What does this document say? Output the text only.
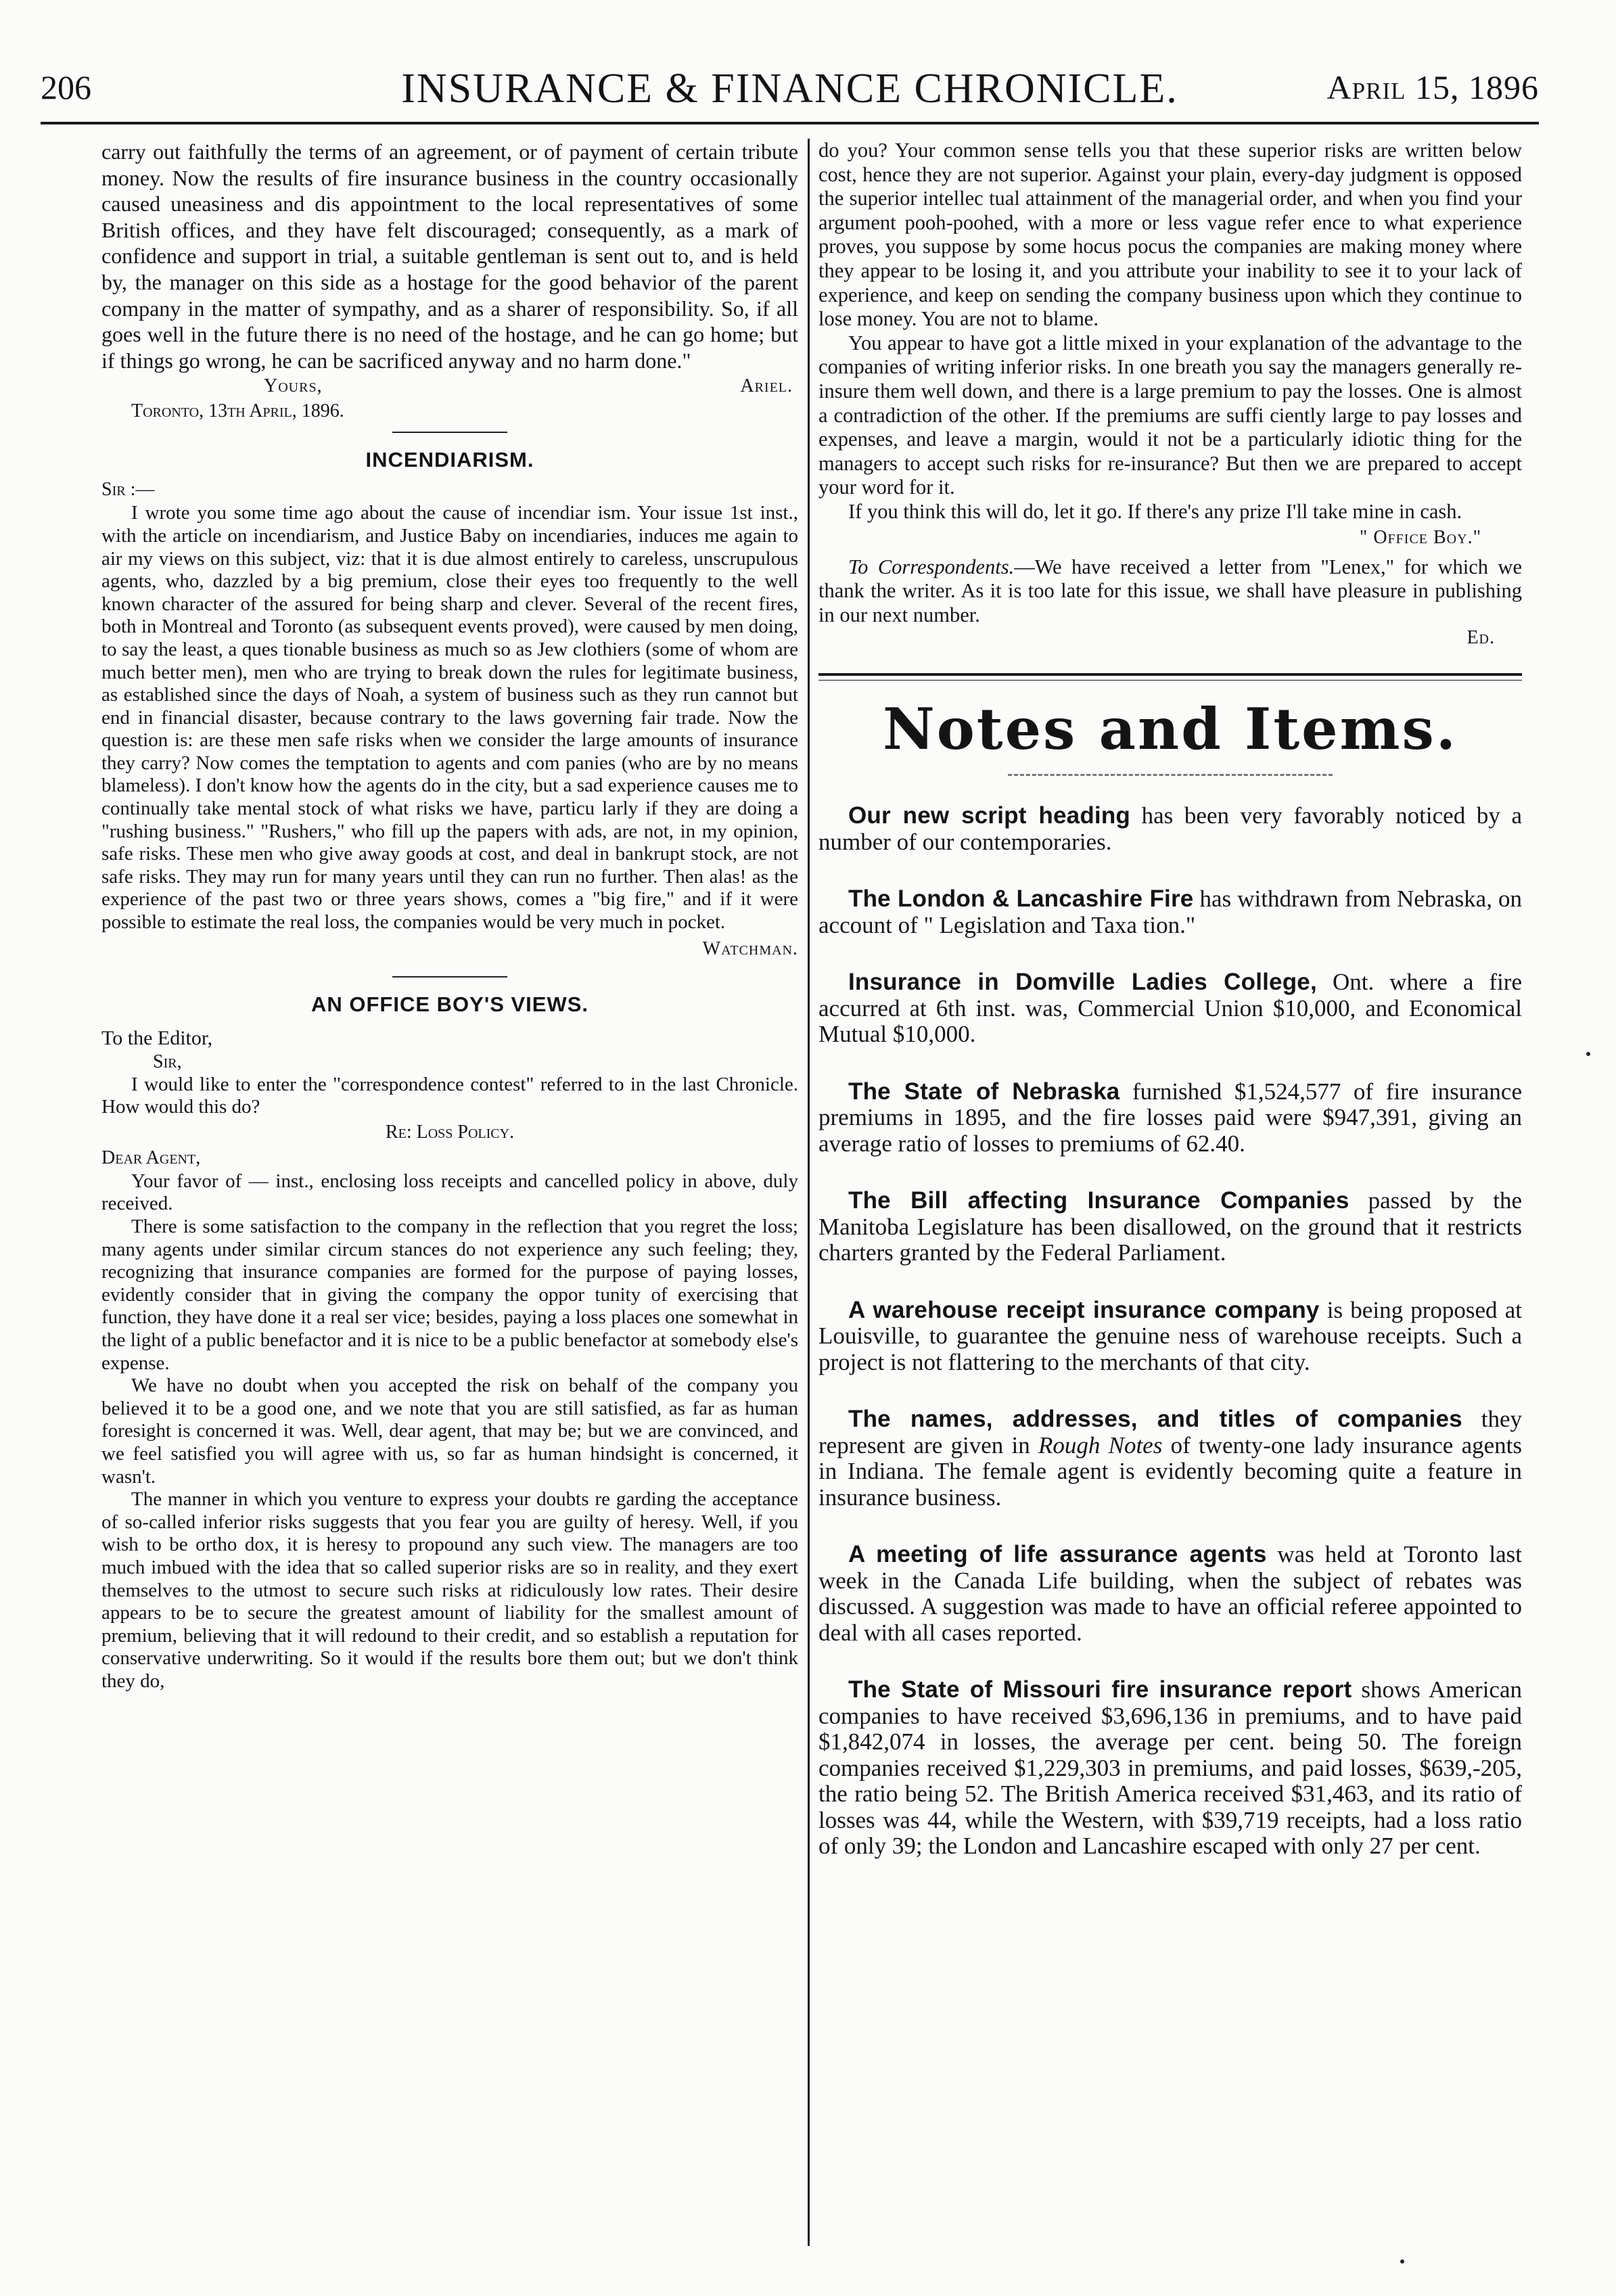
206	INSURANCE & FINANCE CHRONICLE.	April 15, 1896

carry out faithfully the terms of an agreement, or of payment of certain tribute money. Now the results of fire insurance business in the country occasionally caused uneasiness and dis appointment to the local representatives of some British offices, and they have felt discouraged; consequently, as a mark of confidence and support in trial, a suitable gentleman is sent out to, and is held by, the manager on this side as a hostage for the good behavior of the parent company in the matter of sympathy, and as a sharer of responsibility. So, if all goes well in the future there is no need of the hostage, and he can go home; but if things go wrong, he can be sacrificed anyway and no harm done."

Yours,	Ariel.
Toronto, 13th April, 1896.
INCENDIARISM.
Sir :—

I wrote you some time ago about the cause of incendiar ism. Your issue 1st inst., with the article on incendiarism, and Justice Baby on incendiaries, induces me again to air my views on this subject, viz: that it is due almost entirely to careless, unscrupulous agents, who, dazzled by a big premium, close their eyes too frequently to the well known character of the assured for being sharp and clever. Several of the recent fires, both in Montreal and Toronto (as subsequent events proved), were caused by men doing, to say the least, a ques tionable business as much so as Jew clothiers (some of whom are much better men), men who are trying to break down the rules for legitimate business, as established since the days of Noah, a system of business such as they run cannot but end in financial disaster, because contrary to the laws governing fair trade. Now the question is: are these men safe risks when we consider the large amounts of insurance they carry? Now comes the temptation to agents and com panies (who are by no means blameless). I don't know how the agents do in the city, but a sad experience causes me to continually take mental stock of what risks we have, particu larly if they are doing a "rushing business." "Rushers," who fill up the papers with ads, are not, in my opinion, safe risks. These men who give away goods at cost, and deal in bankrupt stock, are not safe risks. They may run for many years until they can run no further. Then alas! as the experience of the past two or three years shows, comes a "big fire," and if it were possible to estimate the real loss, the companies would be very much in pocket.

Watchman.
AN OFFICE BOY'S VIEWS.
To the Editor,
Sir,

I would like to enter the "correspondence contest" referred to in the last Chronicle. How would this do?

Re: Loss Policy.
Dear Agent,

Your favor of — inst., enclosing loss receipts and cancelled policy in above, duly received.

There is some satisfaction to the company in the reflection that you regret the loss; many agents under similar circum stances do not experience any such feeling; they, recognizing that insurance companies are formed for the purpose of paying losses, evidently consider that in giving the company the oppor tunity of exercising that function, they have done it a real ser vice; besides, paying a loss places one somewhat in the light of a public benefactor and it is nice to be a public benefactor at somebody else's expense.

We have no doubt when you accepted the risk on behalf of the company you believed it to be a good one, and we note that you are still satisfied, as far as human foresight is concerned it was. Well, dear agent, that may be; but we are convinced, and we feel satisfied you will agree with us, so far as human hindsight is concerned, it wasn't.

The manner in which you venture to express your doubts re garding the acceptance of so-called inferior risks suggests that you fear you are guilty of heresy. Well, if you wish to be ortho dox, it is heresy to propound any such view. The managers are too much imbued with the idea that so called superior risks are so in reality, and they exert themselves to the utmost to secure such risks at ridiculously low rates. Their desire appears to be to secure the greatest amount of liability for the smallest amount of premium, believing that it will redound to their credit, and so establish a reputation for conservative underwriting. So it would if the results bore them out; but we don't think they do,

do you? Your common sense tells you that these superior risks are written below cost, hence they are not superior. Against your plain, every-day judgment is opposed the superior intellec tual attainment of the managerial order, and when you find your argument pooh-poohed, with a more or less vague refer ence to what experience proves, you suppose by some hocus pocus the companies are making money where they appear to be losing it, and you attribute your inability to see it to your lack of experience, and keep on sending the company business upon which they continue to lose money. You are not to blame.

You appear to have got a little mixed in your explanation of the advantage to the companies of writing inferior risks. In one breath you say the managers generally re-insure them well down, and there is a large premium to pay the losses. One is almost a contradiction of the other. If the premiums are suffi ciently large to pay losses and expenses, and leave a margin, would it not be a particularly idiotic thing for the managers to accept such risks for re-insurance? But then we are prepared to accept your word for it.

If you think this will do, let it go. If there's any prize I'll take mine in cash.

" Office Boy."

To Correspondents.—We have received a letter from "Lenex," for which we thank the writer. As it is too late for this issue, we shall have pleasure in publishing in our next number.

Ed.
Notes and Items.

Our new script heading has been very favorably noticed by a number of our contemporaries.

The London & Lancashire Fire has withdrawn from Nebraska, on account of " Legislation and Taxa tion."

Insurance in Domville Ladies College, Ont. where a fire accurred at 6th inst. was, Commercial Union $10,000, and Economical Mutual $10,000.

The State of Nebraska furnished $1,524,577 of fire insurance premiums in 1895, and the fire losses paid were $947,391, giving an average ratio of losses to premiums of 62.40.

The Bill affecting Insurance Companies passed by the Manitoba Legislature has been disallowed, on the ground that it restricts charters granted by the Federal Parliament.

A warehouse receipt insurance company is being proposed at Louisville, to guarantee the genuine ness of warehouse receipts. Such a project is not flattering to the merchants of that city.

The names, addresses, and titles of companies they represent are given in Rough Notes of twenty-one lady insurance agents in Indiana. The female agent is evidently becoming quite a feature in insurance business.

A meeting of life assurance agents was held at Toronto last week in the Canada Life building, when the subject of rebates was discussed. A suggestion was made to have an official referee appointed to deal with all cases reported.

The State of Missouri fire insurance report shows American companies to have received $3,696,136 in premiums, and to have paid $1,842,074 in losses, the average per cent. being 50. The foreign companies received $1,229,303 in premiums, and paid losses, $639,-205, the ratio being 52. The British America received $31,463, and its ratio of losses was 44, while the Western, with $39,719 receipts, had a loss ratio of only 39; the London and Lancashire escaped with only 27 per cent.
